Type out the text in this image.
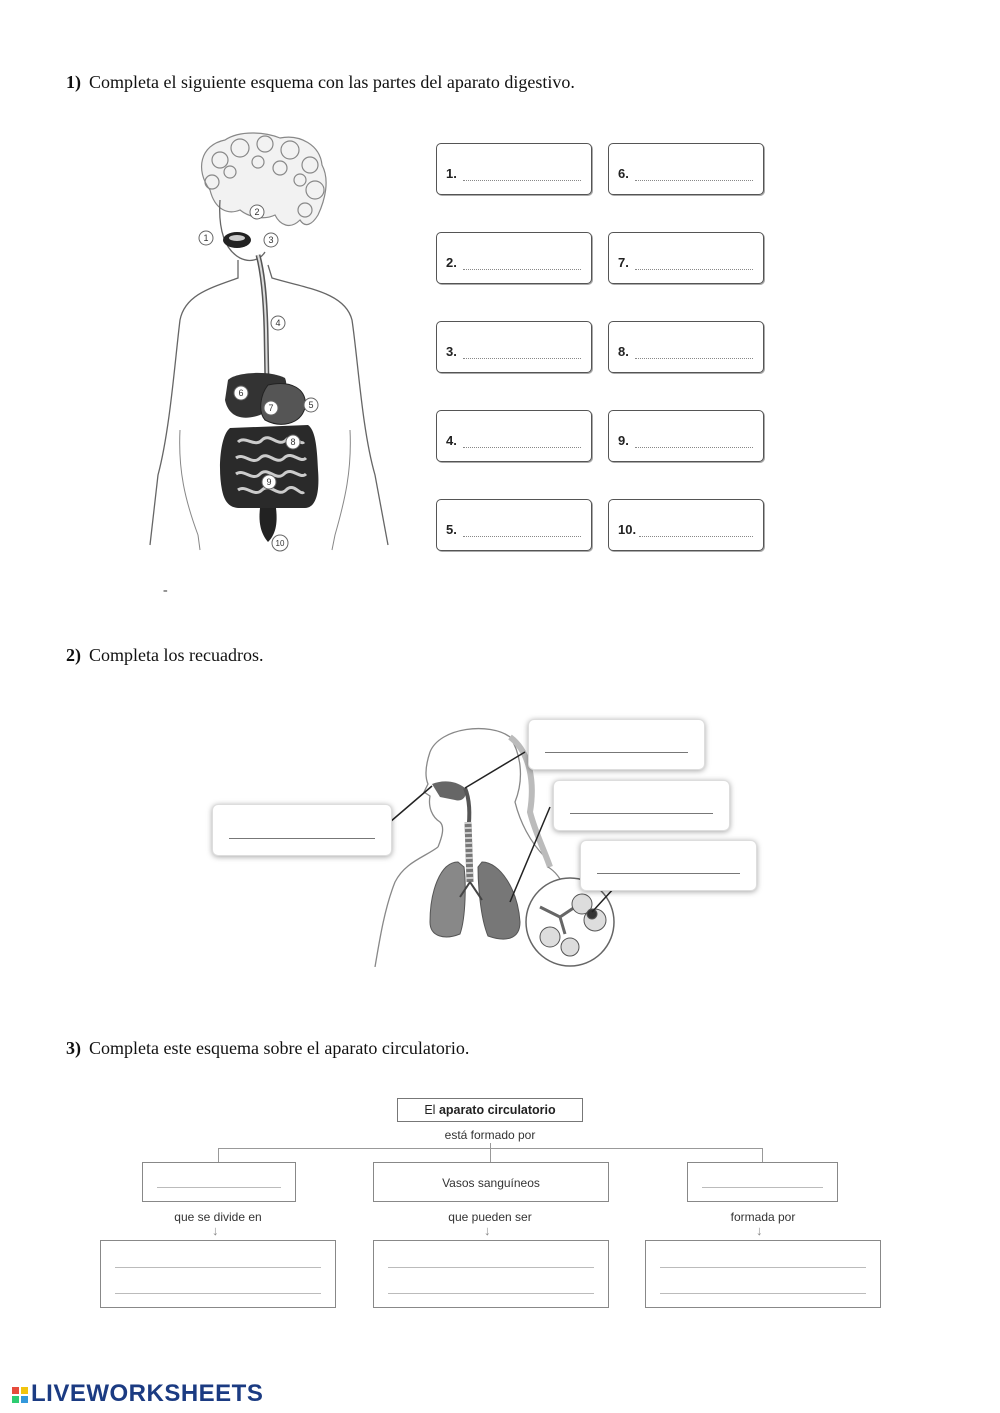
1) Completa el siguiente esquema con las partes del aparato digestivo.
1
2
3
4
5
6
7
8
9
10
1.
2.
3.
4.
5.
6.
7.
8.
9.
10.
-
2) Completa los recuadros.
3) Completa este esquema sobre el aparato circulatorio.
El aparato circulatorio
está formado por
Vasos sanguíneos
que se divide en	que pueden ser	formada por
↓	↓	↓
LIVEWORKSHEETS
